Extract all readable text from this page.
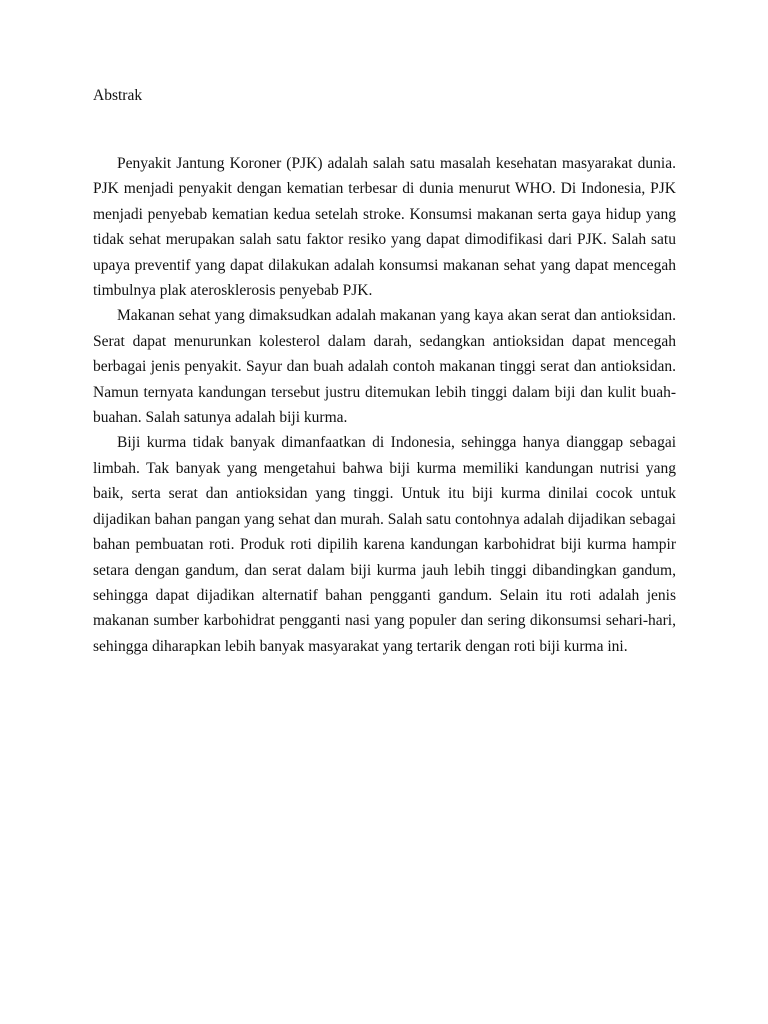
Abstrak

Penyakit Jantung Koroner (PJK) adalah salah satu masalah kesehatan masyarakat dunia. PJK menjadi penyakit dengan kematian terbesar di dunia menurut WHO. Di Indonesia, PJK menjadi penyebab kematian kedua setelah stroke. Konsumsi makanan serta gaya hidup yang tidak sehat merupakan salah satu faktor resiko yang dapat dimodifikasi dari PJK. Salah satu upaya preventif yang dapat dilakukan adalah konsumsi makanan sehat yang dapat mencegah timbulnya plak aterosklerosis penyebab PJK.

Makanan sehat yang dimaksudkan adalah makanan yang kaya akan serat dan antioksidan. Serat dapat menurunkan kolesterol dalam darah, sedangkan antioksidan dapat mencegah berbagai jenis penyakit. Sayur dan buah adalah contoh makanan tinggi serat dan antioksidan. Namun ternyata kandungan tersebut justru ditemukan lebih tinggi dalam biji dan kulit buah-buahan. Salah satunya adalah biji kurma.

Biji kurma tidak banyak dimanfaatkan di Indonesia, sehingga hanya dianggap sebagai limbah. Tak banyak yang mengetahui bahwa biji kurma memiliki kandungan nutrisi yang baik, serta serat dan antioksidan yang tinggi. Untuk itu biji kurma dinilai cocok untuk dijadikan bahan pangan yang sehat dan murah. Salah satu contohnya adalah dijadikan sebagai bahan pembuatan roti. Produk roti dipilih karena kandungan karbohidrat biji kurma hampir setara dengan gandum, dan serat dalam biji kurma jauh lebih tinggi dibandingkan gandum, sehingga dapat dijadikan alternatif bahan pengganti gandum. Selain itu roti adalah jenis makanan sumber karbohidrat pengganti nasi yang populer dan sering dikonsumsi sehari-hari, sehingga diharapkan lebih banyak masyarakat yang tertarik dengan roti biji kurma ini.
